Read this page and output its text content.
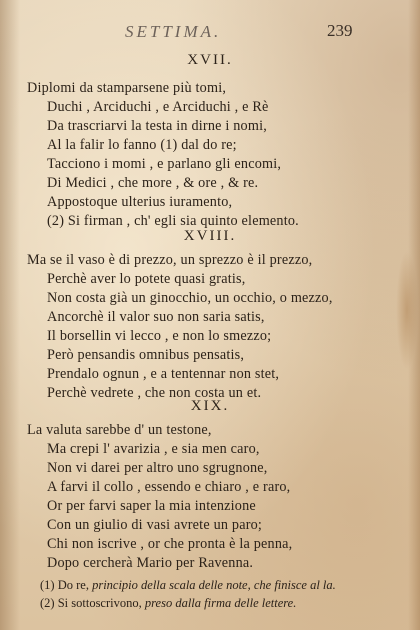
SETTIMA.	239
XVII.
Diplomi da stamparsene più tomi,
Duchi , Arciduchi , e Arciduchi , e Rè
Da trascriarvi la testa in dirne i nomi,
Al la falir lo fanno (1) dal do re;
Tacciono i momi , e parlano gli encomi,
Di Medici , che more , & ore , & re.
Appostoque ulterius iuramento,
(2) Si firman , ch' egli sia quinto elemento.
XVIII.
Ma se il vaso è di prezzo, un sprezzo è il prezzo,
Perchè aver lo potete quasi gratis,
Non costa già un ginocchio, un occhio, o mezzo,
Ancorchè il valor suo non saria satis,
Il borsellin vi lecco , e non lo smezzo;
Però pensandis omnibus pensatis,
Prendalo ognun , e a tentennar non stet,
Perchè vedrete , che non costa un et.
XIX.
La valuta sarebbe d' un testone,
Ma crepi l' avarizia , e sia men caro,
Non vi darei per altro uno sgrugnone,
A farvi il collo , essendo e chiaro , e raro,
Or per farvi saper la mia intenzione
Con un giulio di vasi avrete un paro;
Chi non iscrive , or che pronta è la penna,
Dopo cercherà Mario per Ravenna.
(1) Do re, principio della scala delle note, che finisce al la.
(2) Si sottoscrivono, preso dalla firma delle lettere.
